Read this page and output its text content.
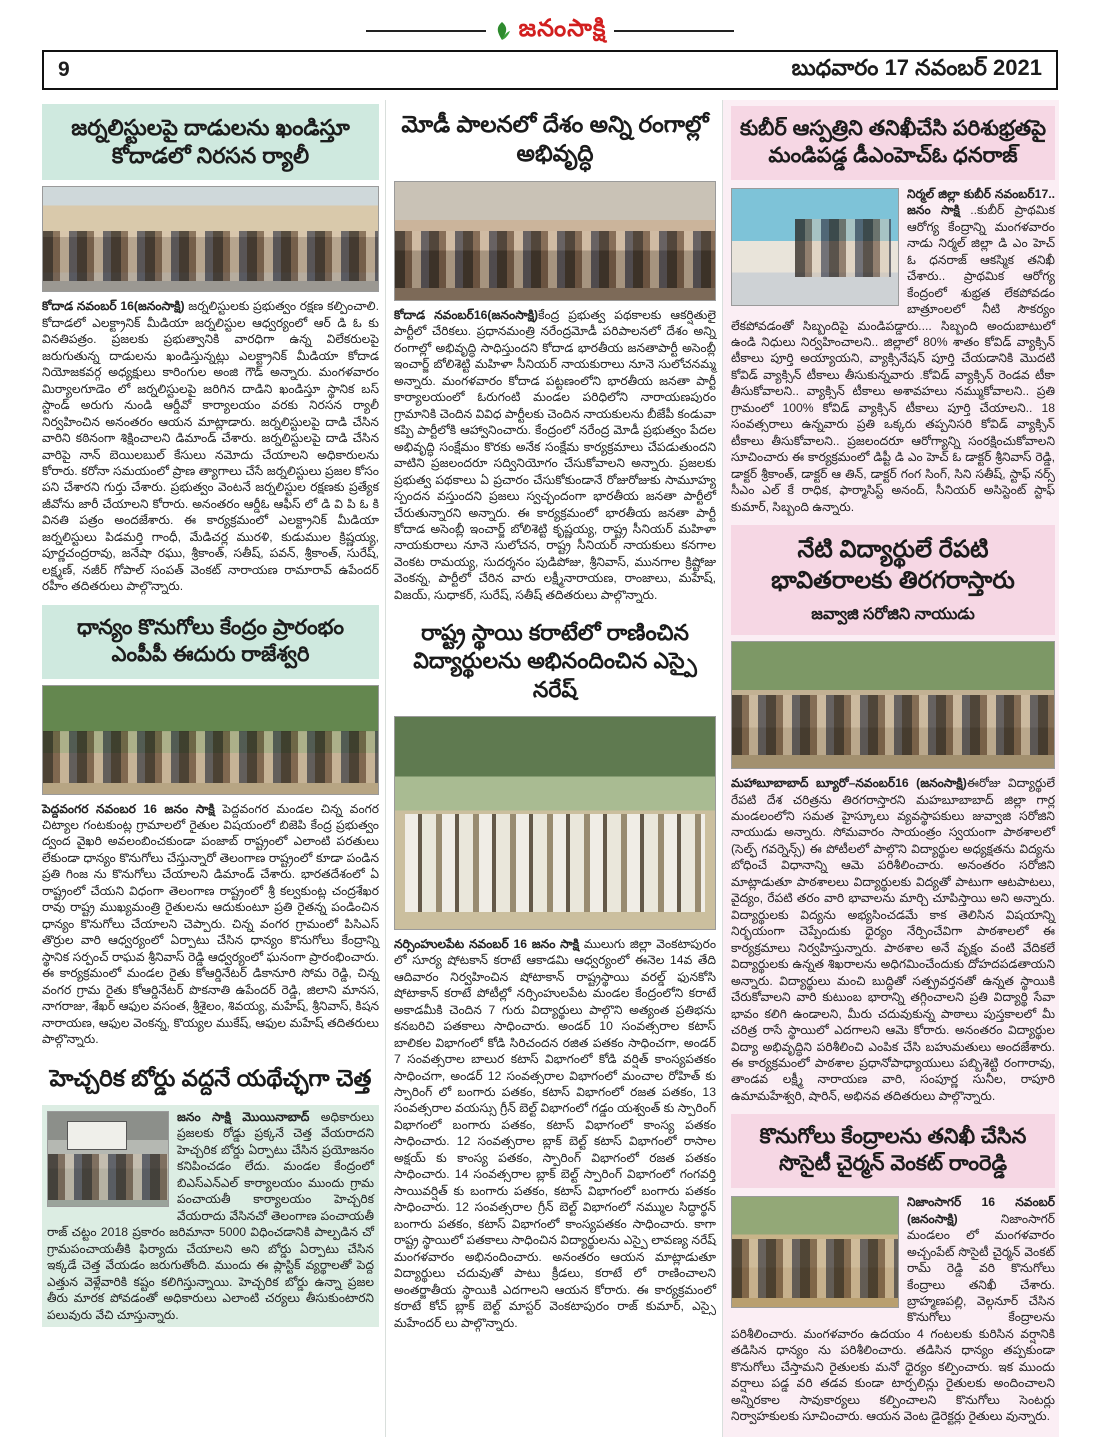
జనంసాక్షి
9	బుధవారం 17 నవంబర్ 2021
జర్నలిస్టులపై దాడులను ఖండిస్తూ కోదాడలో నిరసన ర్యాలీ

కోదాడ నవంబర్ 16(జనంసాక్షి) జర్నలిస్టులకు ప్రభుత్వం రక్షణ కల్పించాలి. కోదాడలో ఎలక్ట్రానిక్ మీడియా జర్నలిస్టుల ఆధ్వర్యంలో ఆర్ డి ఓ కు వినతిపత్రం. ప్రజలకు ప్రభుత్వానికి వారధిగా ఉన్న విలేకరులపై జరుగుతున్న దాడులను ఖండిస్తున్నట్లు ఎలక్ట్రానిక్ మీడియా కోదాడ నియోజకవర్గ అధ్యక్షులు కారింగుల అంజి గౌడ్ అన్నారు. మంగళవారం మిర్యాలగూడెం లో జర్నలిస్టులపై జరిగిన దాడిని ఖండిస్తూ స్థానిక బస్ స్టాండ్ అరుగు నుండి ఆర్డీవో కార్యాలయం వరకు నిరసన ర్యాలీ నిర్వహించిన అనంతరం ఆయన మాట్లాడారు. జర్నలిస్టులపై దాడి చేసిన వారిని కఠినంగా శిక్షించాలని డిమాండ్ చేశారు. జర్నలిస్టులపై దాడి చేసిన వారిపై నాన్ బెయిలబుల్ కేసులు నమోదు చేయాలని అధికారులను కోరారు. కరోనా సమయంలో ప్రాణ త్యాగాలు చేసే జర్నలిస్టులు ప్రజల కోసం పని చేశారని గుర్తు చేశారు. ప్రభుత్వం వెంటనే జర్నలిస్టుల రక్షణకు ప్రత్యేక జీవోను జారీ చేయాలని కోరారు. అనంతరం ఆర్డీఓ ఆఫీస్ లో డి వి పి ఓ కి వినతి పత్రం అందజేశారు. ఈ కార్యక్రమంలో ఎలక్ట్రానిక్ మీడియా జర్నలిస్టులు పిడమర్తి గాంధీ, మేడిచర్ల మురళి, కుడుముల క్రిష్ణయ్య, పూర్ణచంద్రరావు, జనేషా రఘు, శ్రీకాంత్, సతీష్, పవన్, శ్రీకాంత్, సురేష్, లక్ష్మణ్, నజీర్ గోపాల్ సంపత్ వెంకట్ నారాయణ రామారావ్ ఉపేందర్ రహీం తదితరులు పాల్గొన్నారు.

ధాన్యం కొనుగోలు కేంద్రం ప్రారంభం ఎంపీపీ ఈదురు రాజేశ్వరి

పెద్దవంగర నవంబర 16 జనం సాక్షి పెద్దవంగర మండల చిన్న వంగర చిట్యాల గంటకుంట్ల గ్రామాలలో రైతుల విషయంలో బిజెపి కేంద్ర ప్రభుత్వం ద్వంద వైఖరి అవలంబించకుండా పంజాబ్ రాష్ట్రంలో ఎలాంటి పరతులు లేకుండా ధాన్యం కొనుగోలు చేస్తున్నారో తెలంగాణ రాష్ట్రంలో కూడా పండిన ప్రతి గింజ ను కొనుగోలు చేయాలని డిమాండ్ చేశారు. భారతదేశంలో ఏ రాష్ట్రంలో చేయని విధంగా తెలంగాణ రాష్ట్రంలో శ్రీ కల్వకుంట్ల చంద్రశేఖర రావు రాష్ట్ర ముఖ్యమంత్రి రైతులను ఆదుకుంటూ ప్రతి రైతన్న పండించిన ధాన్యం కొనుగోలు చేయాలని చెప్పారు. చిన్న వంగర గ్రామంలో పిసిఎస్ తొర్రుల వారి ఆధ్వర్యంలో ఏర్పాటు చేసిన ధాన్యం కొనుగోలు కేంద్రాన్ని స్థానిక సర్పంచ్ రాఘవ శ్రీనివాస్ రెడ్డి ఆధ్వర్యంలో ఘనంగా ప్రారంభించారు. ఈ కార్యక్రమంలో మండల రైతు కోఆర్డినేటర్ డికానూరి సోమ రెడ్డి, చిన్న వంగర గ్రామ రైతు కోఆర్డినేటర్ పొకనాతి ఉపేందర్ రెడ్డి, జిలాని మానస, నాగరాజు, శేఖర్ ఆఫుల వసంత, శ్రీశైలం, శివయ్య, మహేష్, శ్రీనివాస్, కిషన నారాయణ, ఆఫుల వెంకన్న, కొయ్యల ముకేష్, ఆఫుల మహేష్ తదితరులు పాల్గొన్నారు.

హెచ్చరిక బోర్డు వద్దనే యథేచ్ఛగా చెత్త
జనం సాక్షి మొయినాబాద్ అధికారులు ప్రజలకు రోడ్డు ప్రక్కనే చెత్త వేయరాదని హెచ్చరిక బోర్డు ఏర్పాటు చేసిన ప్రయోజనం కనిపించడం లేదు. మండల కేంద్రంలో బిఎస్ఎన్ఎల్ కార్యాలయం ముందు గ్రామ పంచాయతీ కార్యాలయం హెచ్చరిక వేయరాదు వేసినచో తెలంగాణ పంచాయతీ రాజ్ చట్టం 2018 ప్రకారం జరిమానా 5000 విధించడానికి పాల్పడిన చో గ్రామపంచాయతీకి ఫిర్యాదు చేయాలని అని బోర్డు ఏర్పాటు చేసిన ఇక్కడే చెత్త వేయడం జరుగుతోంది. ముందు ఈ ప్లాస్టిక్ వ్యర్థాలతో పెద్ద ఎత్తున వెళ్లేవారికి కష్టం కలిగిస్తున్నాయి. హెచ్చరిక బోర్డు ఉన్నా ప్రజల తీరు మారక పోవడంతో అధికారులు ఎలాంటి చర్యలు తీసుకుంటారని పలువురు వేచి చూస్తున్నారు.
మోడీ పాలనలో దేశం అన్ని రంగాల్లో అభివృద్ధి

కోదాడ నవంబర్16(జనంసాక్షి)కేంద్ర ప్రభుత్వ పథకాలకు ఆకర్షితులై పార్టీలో చేరికలు. ప్రధానమంత్రి నరేంద్రమోడీ పరిపాలనలో దేశం అన్ని రంగాల్లో అభివృద్ధి సాధిస్తుందని కోదాడ భారతీయ జనతాపార్టీ అసెంబ్లీ ఇంచార్జ్ బోలిశెట్టి మహిళా సీనియర్ నాయకురాలు నూనె సులోచనమ్మ అన్నారు. మంగళవారం కోదాడ పట్టణంలోని భారతీయ జనతా పార్టీ కార్యాలయంలో ఓరుగంటి మండల పరిధిలోని నారాయణపురం గ్రామానికి చెందిన వివిధ పార్టీలకు చెందిన నాయకులను బీజేపీ కండువా కప్పి పార్టీలోకి ఆహ్వానించారు. కేంద్రంలో నరేంద్ర మోడీ ప్రభుత్వం పేదల అభివృద్ధి సంక్షేమం కొరకు అనేక సంక్షేమ కార్యక్రమాలు చేపడుతుందని వాటిని ప్రజలందరూ సద్వినియోగం చేసుకోవాలని అన్నారు. ప్రజలకు ప్రభుత్వ పథకాలు ఏ ప్రచారం చేసుకోకుండానే రోజురోజుకు సామూహ్య స్పందన వస్తుందని ప్రజలు స్వచ్ఛందంగా భారతీయ జనతా పార్టీలో చేరుతున్నారని అన్నారు. ఈ కార్యక్రమంలో భారతీయ జనతా పార్టీ కోదాడ అసెంబ్లీ ఇంచార్జ్ బోలిశెట్టి కృష్ణయ్య, రాష్ట్ర సీనియర్ మహిళా నాయకురాలు నూనె సులోచన, రాష్ట్ర సీనియర్ నాయకులు కనగాల వెంకట రామయ్య, సుదర్శనం పుడిపోజు, శ్రీనివాస్, మునగాల క్రిష్టోజు వెంకన్న, పార్టీలో చేరిన వారు లక్ష్మీనారాయణ, రాంజాలు, మహేష్, విజయ్, సుధాకర్, సురేష్, సతీష్ తదితరులు పాల్గొన్నారు.

రాష్ట్ర స్థాయి కరాటేలో రాణించిన విద్యార్థులను అభినందించిన ఎస్పై నరేష్

నర్సింహులపేట నవంబర్ 16 జనం సాక్షి ములుగు జిల్లా వెంకటాపురం లో సూర్య షోటకాన్ కరాటే ఆకాడమి ఆధ్వర్యంలో ఈనెల 14వ తేది ఆదివారం నిర్వహించిన షోటాకాన్ రాష్ట్రస్థాయి వరల్డ్ ఫునకోసి షోటాకాన్ కరాటే పోటీల్లో నర్సింహులపేట మండల కేంద్రంలోని కరాటే అకాడమీకి చెందిన 7 గురు విద్యార్థులు పాల్గొని అత్యంత ప్రతిభను కనబరిచి పతకాలు సాధించారు. అండర్ 10 సంవత్సరాల కటాస్ బాలికల విభాగంలో కోడి సిరిచందన రజిత పతకం సాధించగా, అండర్ 7 సంవత్సరాల బాలుర కటాస్ విభాగంలో కోడి వర్షిత్ కాంస్యపతకం సాధించగా, అండర్ 12 సంవత్సరాల విభాగంలో మంచాల రోహిత్ కు స్పారింగ్ లో బంగారు పతకం, కటాస్ విభాగంలో రజత పతకం, 13 సంవత్సరాల వయస్సు గ్రీన్ బెల్ట్ విభాగంలో గడ్డం యశ్వంత్ కు స్పారింగ్ విభాగంలో బంగారు పతకం, కటాస్ విభాగంలో కాంస్య పతకం సాధించారు. 12 సంవత్సరాల బ్లాక్ బెల్ట్ కటాస్ విభాగంలో రాసాల అక్షయ్ కు కాంస్య పతకం, స్పారింగ్ విభాగంలో రజత పతకం సాధించారు. 14 సంవత్సరాల బ్లాక్ బెల్ట్ స్పారింగ్ విభాగంలో గంగవర్తి సాయివర్షిత్ కు బంగారు పతకం, కటాస్ విభాగంలో బంగారు పతకం సాధించారు. 12 సంవత్సరాల గ్రీన్ బెల్ట్ విభాగంలో నమ్ముల సిద్ధార్థన్ బంగారు పతకం, కటాస్ విభాగంలో కాంస్యపతకం సాధించారు. కాగా రాష్ట్ర స్థాయిలో పతకాలు సాధించిన విద్యార్థులను ఎస్పై లావణ్య నరేష్ మంగళవారం అభినందించారు. అనంతరం ఆయన మాట్లాడుతూ విద్యార్థులు చదువుతో పాటు క్రీడలు, కరాటే లో రాణించాలని అంతర్జాతీయ స్థాయికి ఎదగాలని ఆయన కోరారు. ఈ కార్యక్రమంలో కరాటే కోచ్ బ్లాక్ బెల్ట్ మాస్టర్ వెంకటాపురం రాజ్ కుమార్, ఎస్సై మహేందర్ లు పాల్గొన్నారు.

కుబీర్ ఆస్పత్రిని తనిఖీచేసి పరిశుభ్రతపై మండిపడ్డ డీఎంహెచ్ఓ ధనరాజ్
నిర్మల్ జిల్లా కుబీర్ నవంబర్17.. జనం సాక్షి ..కుబీర్ ప్రాథమిక ఆరోగ్య కేంద్రాన్ని మంగళవారం నాడు నిర్మల్ జిల్లా డి ఎం హెచ్ ఓ ధనరాజ్ ఆకస్మిక తనిఖీ చేశారు.. ప్రాథమిక ఆరోగ్య కేంద్రంలో శుభ్రత లేకపోవడం బాత్రూంలలో నీటి సౌకర్యం లేకపోవడంతో సిబ్బందిపై మండిపడ్డారు.... సిబ్బంది అందుబాటులో ఉండి నిధులు నిర్వహించాలని.. జిల్లాలో 80% శాతం కోవిడ్ వ్యాక్సిన్ టీకాలు పూర్తి అయ్యాయని, వ్యాక్సినేషన్ పూర్తి చేయడానికి మొదటి కోవిడ్ వ్యాక్సిన్ టీకాలు తీసుకున్నవారు .కోవిడ్ వ్యాక్సిన్ రెండవ టీకా తీసుకోవాలని.. వ్యాక్సిన్ టీకాలు అశావహలు నమ్ముకోవాలని.. ప్రతి గ్రామంలో 100% కోవిడ్ వ్యాక్సిన్ టీకాలు పూర్తి చేయాలని.. 18 సంవత్సరాలు ఉన్నవారు ప్రతి ఒక్కరు తప్పనిసరి కోవిడ్ వ్యాక్సిన్ టీకాలు తీసుకోవాలని.. ప్రజలందరూ ఆరోగ్యాన్ని సంరక్షించుకోవాలని సూచించారు ఈ కార్యక్రమంలో డిప్టీ డి ఎం హెచ్ ఓ డాక్టర్ శ్రీనివాస్ రెడ్డి, డాక్టర్ శ్రీకాంత్, డాక్టర్ ఆ తిన్, డాక్టర్ గంగ సింగ్, సిని సతీష్, స్టాఫ్ నర్స్ సీఎం ఎల్ కే రాధిక, ఫార్మాసిస్ట్ అనంద్, సీనియర్ అసిస్టెంట్ స్టాఫ్ కుమార్, సిబ్బంది ఉన్నారు.
నేటి విద్యార్థులే రేపటి భావితరాలకు తిరగరాస్తారు
జవ్వాజి సరోజిని నాయుడు

మహాబూబాబాద్ బ్యూరో–నవంబర్16 (జనంసాక్షి)ఈరోజు విద్యార్థులే రేపటి దేశ చరిత్రను తిరగరాస్తారని మహబూబాబాద్ జిల్లా గార్ల మండలంలోని సమత హైస్కూలు వ్యవస్థాపకులు జువ్వాజి సరోజిని నాయుడు అన్నారు. సోమవారం సాయంత్రం స్వయంగా పాఠశాలలో (సెల్ఫ్ గవర్నెన్స్) ఈ పోటీలలో పాల్గొని విద్యార్థుల అధ్యక్షతను విద్యను బోధించే విధానాన్ని ఆమె పరిశీలించారు. అనంతరం సరోజిని మాట్లాడుతూ పాఠశాలలు విద్యార్థులకు విద్యతో పాటుగా ఆటపాటలు, వైద్యం, రేపటి తరం వారి భావాలను మార్చి చూపిస్తాయి అని అన్నారు. విద్యార్థులకు విద్యను అభ్యసించడమే కాక తెలిసిన విషయాన్ని నిర్భయంగా చెప్పేందుకు ధైర్యం నేర్పించేవిగా పాఠశాలలో ఈ కార్యక్రమాలు నిర్వహిస్తున్నారు. పాఠశాల అనే వృక్షం వంటి వేదికలే విద్యార్థులకు ఉన్నత శిఖరాలను అధిగమించేందుకు దోహదపడతాయని అన్నారు. విద్యార్థులు మంచి బుద్ధితో సత్ప్రవర్తనతో ఉన్నత స్థాయికి చేరుకోవాలని వారి కుటుంబ భారాన్ని తగ్గించాలని ప్రతి విద్యార్థి సేవా భావం కలిగి ఉండాలని, మీరు చదువుకున్న పాఠాలు పుస్తకాలలో మీ చరిత్ర రాసే స్థాయిలో ఎదగాలని ఆమె కోరారు. అనంతరం విద్యార్థుల విద్యా అభివృద్ధిని పరిశీలించి ఎంపిక చేసి బహుమతులు అందజేశారు. ఈ కార్యక్రమంలో పాఠశాల ప్రధానోపాధ్యాయులు పబ్బిశెట్టి రంగారావు, తాండవ లక్ష్మీ నారాయణ వారి, సంపూర్ణ సునీల, రాపూరి ఉమామహేశ్వరి, షారిన్, అభినవ తదితరులు పాల్గొన్నారు.

కొనుగోలు కేంద్రాలను తనిఖీ చేసిన సొసైటీ చైర్మన్ వెంకట్ రాంరెడ్డి
నిజాంసాగర్ 16 నవంబర్ (జనంసాక్షి) నిజాంసాగర్ మండలం లో మంగళవారం అచ్చంపేట్ సొసైటీ చైర్మన్ వెంకట్ రామ్ రెడ్డి వరి కొనుగోలు కేంద్రాలు తనిఖీ చేశారు. బ్రాహ్మణపల్లి, వెల్గనూర్ చేసిన కొనుగోలు కేంద్రాలను పరిశీలించారు. మంగళవారం ఉదయం 4 గంటలకు కురిసిన వర్షానికి తడిసిన ధాన్యం ను పరిశీలించారు. తడిసిన ధాన్యం తప్పకుండా కొనుగోలు చేస్తామని రైతులకు మనో ధైర్యం కల్పించారు. ఇక ముందు వర్షాలు పడ్డ వరి తడవ కుండా టార్పలిన్లు రైతులకు అందించాలని అన్నిరకాల సావుకార్యలు కల్పించాలని కొనుగోలు సెంటర్లు నిర్వాహకులకు సూచించారు. ఆయన వెంట డైరెక్టర్లు రైతులు వున్నారు.
